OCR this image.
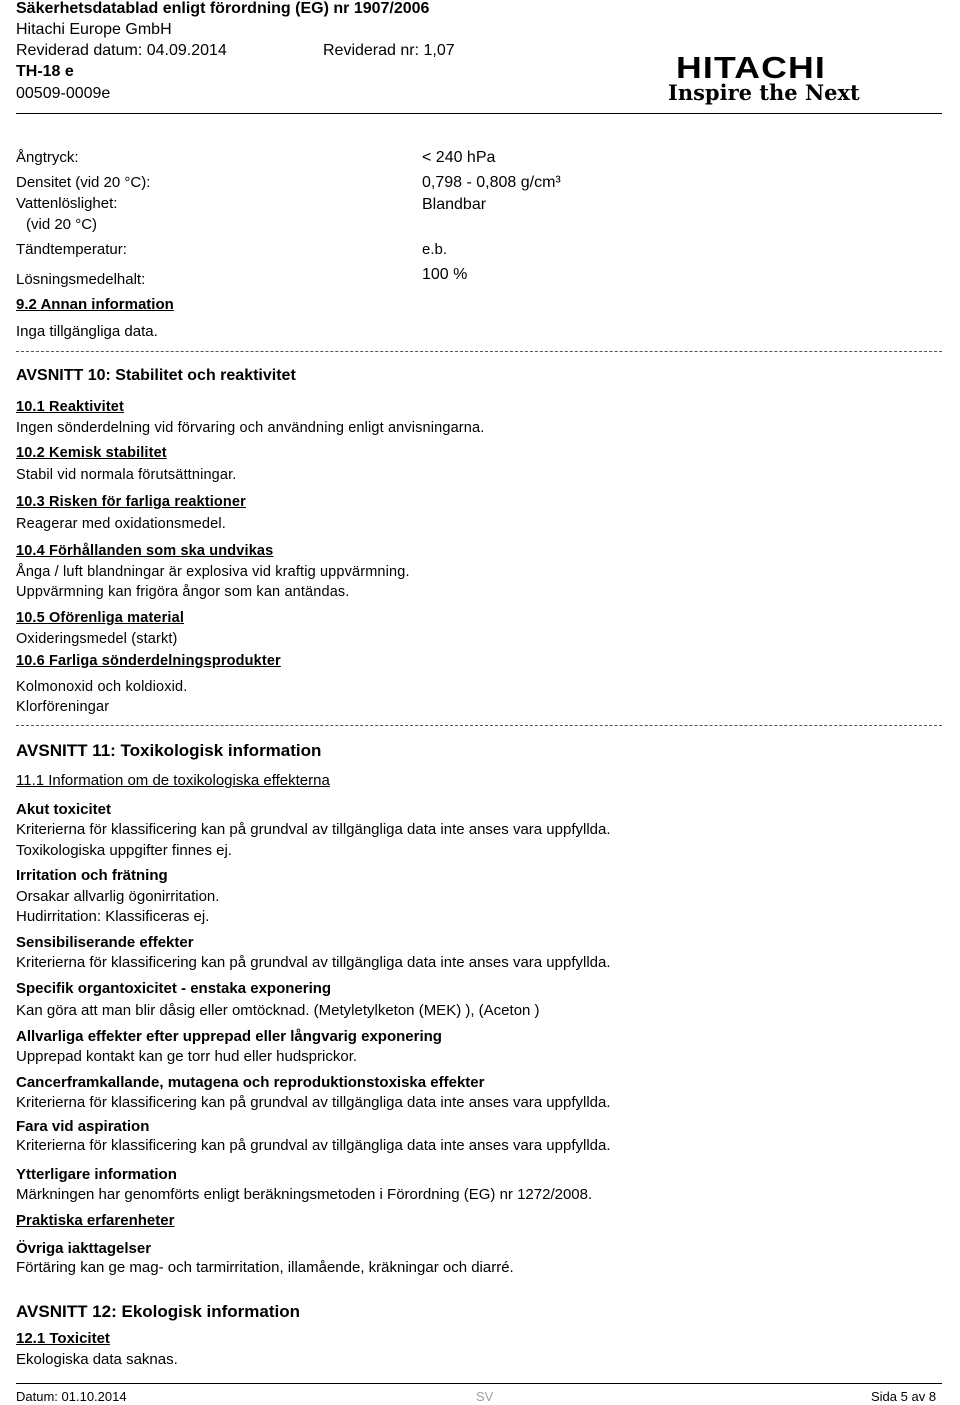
Säkerhetsdatablad enligt förordning (EG) nr 1907/2006
Hitachi Europe GmbH
Reviderad datum: 04.09.2014	Reviderad nr: 1,07
TH-18 e
00509-0009e
HITACHI
Inspire the Next
Ångtryck:	< 240 hPa
Densitet (vid 20 °C):	0,798 - 0,808 g/cm³
Vattenlöslighet:	Blandbar
(vid 20 °C)
Tändtemperatur:	e.b.
Lösningsmedelhalt:	100 %
9.2 Annan information
Inga tillgängliga data.
AVSNITT 10: Stabilitet och reaktivitet
10.1 Reaktivitet
Ingen sönderdelning vid förvaring och användning enligt anvisningarna.
10.2 Kemisk stabilitet
Stabil vid normala förutsättningar.
10.3 Risken för farliga reaktioner
Reagerar med oxidationsmedel.
10.4 Förhållanden som ska undvikas
Ånga / luft blandningar är explosiva vid kraftig uppvärmning.
Uppvärmning kan frigöra ångor som kan antändas.
10.5 Oförenliga material
Oxideringsmedel (starkt)
10.6 Farliga sönderdelningsprodukter
Kolmonoxid och koldioxid.
Klorföreningar
AVSNITT 11: Toxikologisk information
11.1 Information om de toxikologiska effekterna
Akut toxicitet
Kriterierna för klassificering kan på grundval av tillgängliga data inte anses vara uppfyllda.
Toxikologiska uppgifter finnes ej.
Irritation och frätning
Orsakar allvarlig ögonirritation.
Hudirritation: Klassificeras ej.
Sensibiliserande effekter
Kriterierna för klassificering kan på grundval av tillgängliga data inte anses vara uppfyllda.
Specifik organtoxicitet - enstaka exponering
Kan göra att man blir dåsig eller omtöcknad. (Metyletylketon (MEK) ), (Aceton )
Allvarliga effekter efter upprepad eller långvarig exponering
Upprepad kontakt kan ge torr hud eller hudsprickor.
Cancerframkallande, mutagena och reproduktionstoxiska effekter
Kriterierna för klassificering kan på grundval av tillgängliga data inte anses vara uppfyllda.
Fara vid aspiration
Kriterierna för klassificering kan på grundval av tillgängliga data inte anses vara uppfyllda.
Ytterligare information
Märkningen har genomförts enligt beräkningsmetoden i Förordning (EG) nr 1272/2008.
Praktiska erfarenheter
Övriga iakttagelser
Förtäring kan ge mag- och tarmirritation, illamående, kräkningar och diarré.
AVSNITT 12: Ekologisk information
12.1 Toxicitet
Ekologiska data saknas.
Datum: 01.10.2014	SV	Sida 5 av 8
